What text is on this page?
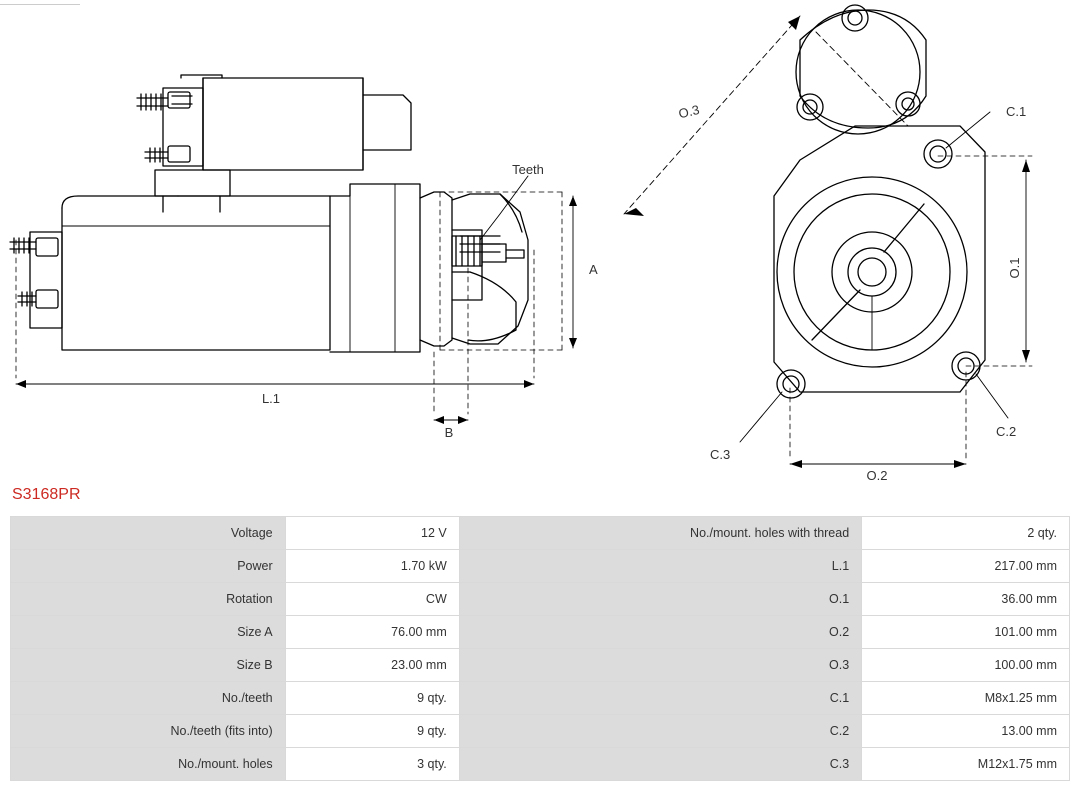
Teeth
A
L.1
B
C.1
C.2
C.3
O.2
O.3
O.1
S3168PR
Voltage	12 V	No./mount. holes with thread	2 qty.
Power	1.70 kW	L.1	217.00 mm
Rotation	CW	O.1	36.00 mm
Size A	76.00 mm	O.2	101.00 mm
Size B	23.00 mm	O.3	100.00 mm
No./teeth	9 qty.	C.1	M8x1.25 mm
No./teeth (fits into)	9 qty.	C.2	13.00 mm
No./mount. holes	3 qty.	C.3	M12x1.75 mm
